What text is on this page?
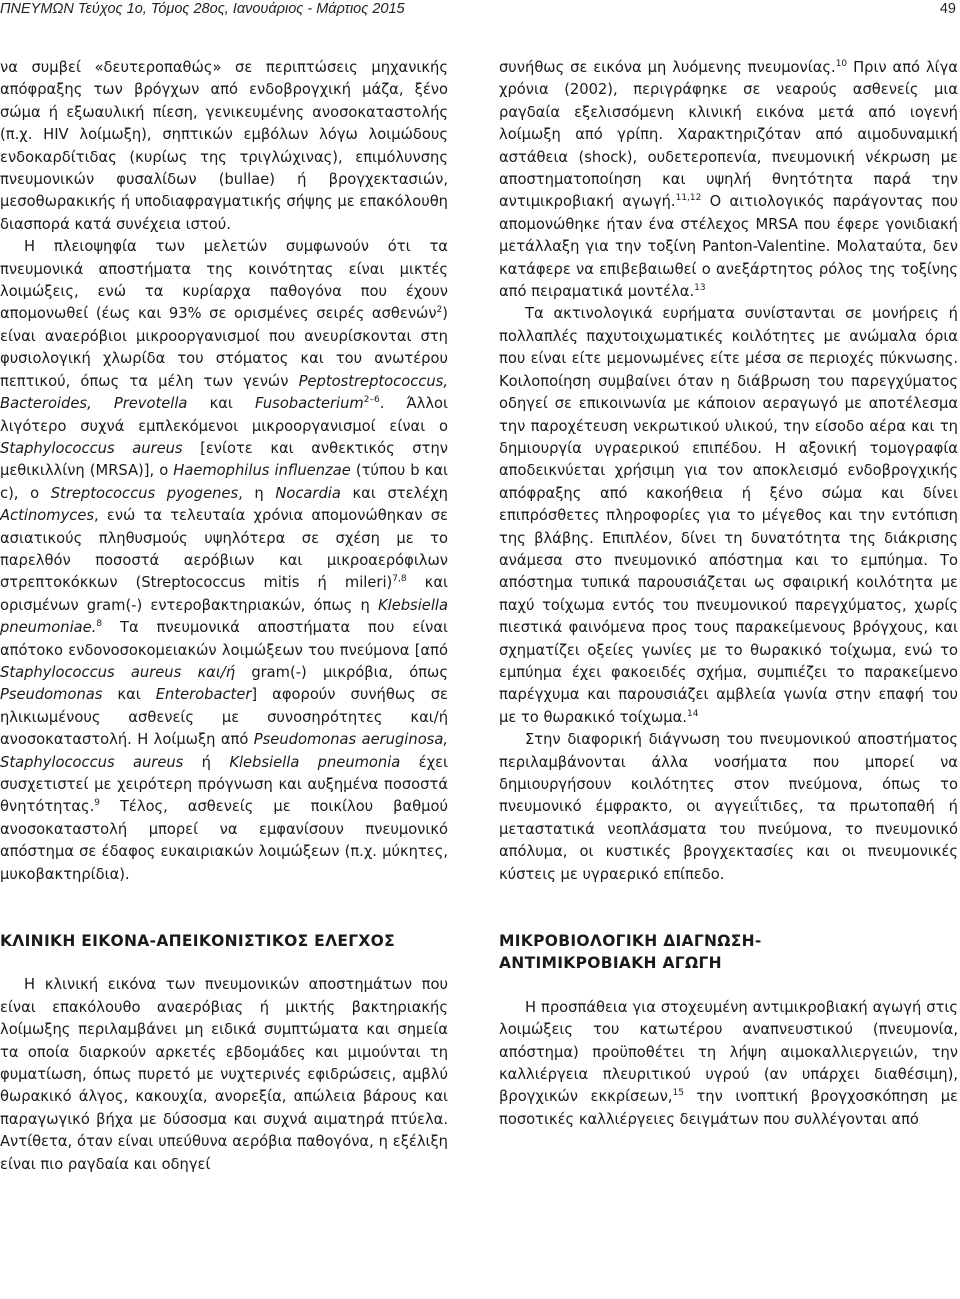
ΠΝΕΥΜΩΝ Τεύχος 1ο, Τόμος 28ος, Ιανουάριος - Μάρτιος 2015	49

να συμβεί «δευτεροπαθώς» σε περιπτώσεις μηχανικής απόφραξης των βρόγχων από ενδοβρογχική μάζα, ξένο σώμα ή εξωαυλική πίεση, γενικευμένης ανοσοκαταστολής (π.χ. HIV λοίμωξη), σηπτικών εμβόλων λόγω λοιμώδους ενδοκαρδίτιδας (κυρίως της τριγλώχινας), επιμόλυνσης πνευμονικών φυσαλίδων (bullae) ή βρογχεκτασιών, μεσοθωρακικής ή υποδιαφραγματικής σήψης με επακόλουθη διασπορά κατά συνέχεια ιστού.

Η πλειοψηφία των μελετών συμφωνούν ότι τα πνευμονικά αποστήματα της κοινότητας είναι μικτές λοιμώξεις, ενώ τα κυρίαρχα παθογόνα που έχουν απομονωθεί (έως και 93% σε ορισμένες σειρές ασθενών$^2$) είναι αναερόβιοι μικροοργανισμοί που ανευρίσκονται στη φυσιολογική χλωρίδα του στόματος και του ανωτέρου πεπτικού, όπως τα μέλη των γενών Peptostreptococcus, Bacteroides, Prevotella και Fusobacterium$^{2-6}$. Άλλοι λιγότερο συχνά εμπλεκόμενοι μικροοργανισμοί είναι ο Staphylococcus aureus [ενίοτε και ανθεκτικός στην μεθικιλλίνη (MRSA)], ο Haemophilus influenzae (τύπου b και c), ο Streptococcus pyogenes, η Nocardia και στελέχη Actinomyces, ενώ τα τελευταία χρόνια απομονώθηκαν σε ασιατικούς πληθυσμούς υψηλότερα σε σχέση με το παρελθόν ποσοστά αερόβιων και μικροαερόφιλων στρεπτοκόκκων (Streptococcus mitis ή mileri)$^{7,8}$ και ορισμένων gram(-) εντεροβακτηριακών, όπως η Klebsiella pneumoniae.$^8$ Τα πνευμονικά αποστήματα που είναι απότοκο ενδονοσοκομειακών λοιμώξεων του πνεύμονα [από Staphylococcus aureus και/ή gram(-) μικρόβια, όπως Pseudomonas και Enterobacter] αφορούν συνήθως σε ηλικιωμένους ασθενείς με συνοσηρότητες και/ή ανοσοκαταστολή. Η λοίμωξη από Pseudomonas aeruginosa, Staphylococcus aureus ή Klebsiella pneumonia έχει συσχετιστεί με χειρότερη πρόγνωση και αυξημένα ποσοστά θνητότητας.$^9$ Τέλος, ασθενείς με ποικίλου βαθμού ανοσοκαταστολή μπορεί να εμφανίσουν πνευμονικό απόστημα σε έδαφος ευκαιριακών λοιμώξεων (π.χ. μύκητες, μυκοβακτηρίδια).

ΚΛΙΝΙΚΗ ΕΙΚΟΝΑ-ΑΠΕΙΚΟΝΙΣΤΙΚΟΣ ΕΛΕΓΧΟΣ

Η κλινική εικόνα των πνευμονικών αποστημάτων που είναι επακόλουθο αναερόβιας ή μικτής βακτηριακής λοίμωξης περιλαμβάνει μη ειδικά συμπτώματα και σημεία τα οποία διαρκούν αρκετές εβδομάδες και μιμούνται τη φυματίωση, όπως πυρετό με νυχτερινές εφιδρώσεις, αμβλύ θωρακικό άλγος, κακουχία, ανορεξία, απώλεια βάρους και παραγωγικό βήχα με δύσοσμα και συχνά αιματηρά πτύελα. Αντίθετα, όταν είναι υπεύθυνα αερόβια παθογόνα, η εξέλιξη είναι πιο ραγδαία και οδηγεί

συνήθως σε εικόνα μη λυόμενης πνευμονίας.$^{10}$ Πριν από λίγα χρόνια (2002), περιγράφηκε σε νεαρούς ασθενείς μια ραγδαία εξελισσόμενη κλινική εικόνα μετά από ιογενή λοίμωξη από γρίπη. Χαρακτηριζόταν από αιμοδυναμική αστάθεια (shock), ουδετεροπενία, πνευμονική νέκρωση με αποστηματοποίηση και υψηλή θνητότητα παρά την αντιμικροβιακή αγωγή.$^{11,12}$ Ο αιτιολογικός παράγοντας που απομονώθηκε ήταν ένα στέλεχος MRSA που έφερε γονιδιακή μετάλλαξη για την τοξίνη Panton-Valentine. Μολαταύτα, δεν κατάφερε να επιβεβαιωθεί ο ανεξάρτητος ρόλος της τοξίνης από πειραματικά μοντέλα.$^{13}$

Τα ακτινολογικά ευρήματα συνίστανται σε μονήρεις ή πολλαπλές παχυτοιχωματικές κοιλότητες με ανώμαλα όρια που είναι είτε μεμονωμένες είτε μέσα σε περιοχές πύκνωσης. Κοιλοποίηση συμβαίνει όταν η διάβρωση του παρεγχύματος οδηγεί σε επικοινωνία με κάποιον αεραγωγό με αποτέλεσμα την παροχέτευση νεκρωτικού υλικού, την είσοδο αέρα και τη δημιουργία υγραερικού επιπέδου. Η αξονική τομογραφία αποδεικνύεται χρήσιμη για τον αποκλεισμό ενδοβρογχικής απόφραξης από κακοήθεια ή ξένο σώμα και δίνει επιπρόσθετες πληροφορίες για το μέγεθος και την εντόπιση της βλάβης. Επιπλέον, δίνει τη δυνατότητα της διάκρισης ανάμεσα στο πνευμονικό απόστημα και το εμπύημα. Το απόστημα τυπικά παρουσιάζεται ως σφαιρική κοιλότητα με παχύ τοίχωμα εντός του πνευμονικού παρεγχύματος, χωρίς πιεστικά φαινόμενα προς τους παρακείμενους βρόγχους, και σχηματίζει οξείες γωνίες με το θωρακικό τοίχωμα, ενώ το εμπύημα έχει φακοειδές σχήμα, συμπιέζει το παρακείμενο παρέγχυμα και παρουσιάζει αμβλεία γωνία στην επαφή του με το θωρακικό τοίχωμα.$^{14}$

Στην διαφορική διάγνωση του πνευμονικού αποστήματος περιλαμβάνονται άλλα νοσήματα που μπορεί να δημιουργήσουν κοιλότητες στον πνεύμονα, όπως το πνευμονικό έμφρακτο, οι αγγειΐτιδες, τα πρωτοπαθή ή μεταστατικά νεοπλάσματα του πνεύμονα, το πνευμονικό απόλυμα, οι κυστικές βρογχεκτασίες και οι πνευμονικές κύστεις με υγραερικό επίπεδο.

ΜΙΚΡΟΒΙΟΛΟΓΙΚΗ ΔΙΑΓΝΩΣΗ-
ΑΝΤΙΜΙΚΡΟΒΙΑΚΗ ΑΓΩΓΗ

Η προσπάθεια για στοχευμένη αντιμικροβιακή αγωγή στις λοιμώξεις του κατωτέρου αναπνευστικού (πνευμονία, απόστημα) προϋποθέτει τη λήψη αιμοκαλλιεργειών, την καλλιέργεια πλευριτικού υγρού (αν υπάρχει διαθέσιμη), βρογχικών εκκρίσεων,$^{15}$ την ινοπτική βρογχοσκόπηση με ποσοτικές καλλιέργειες δειγμάτων που συλλέγονται από
